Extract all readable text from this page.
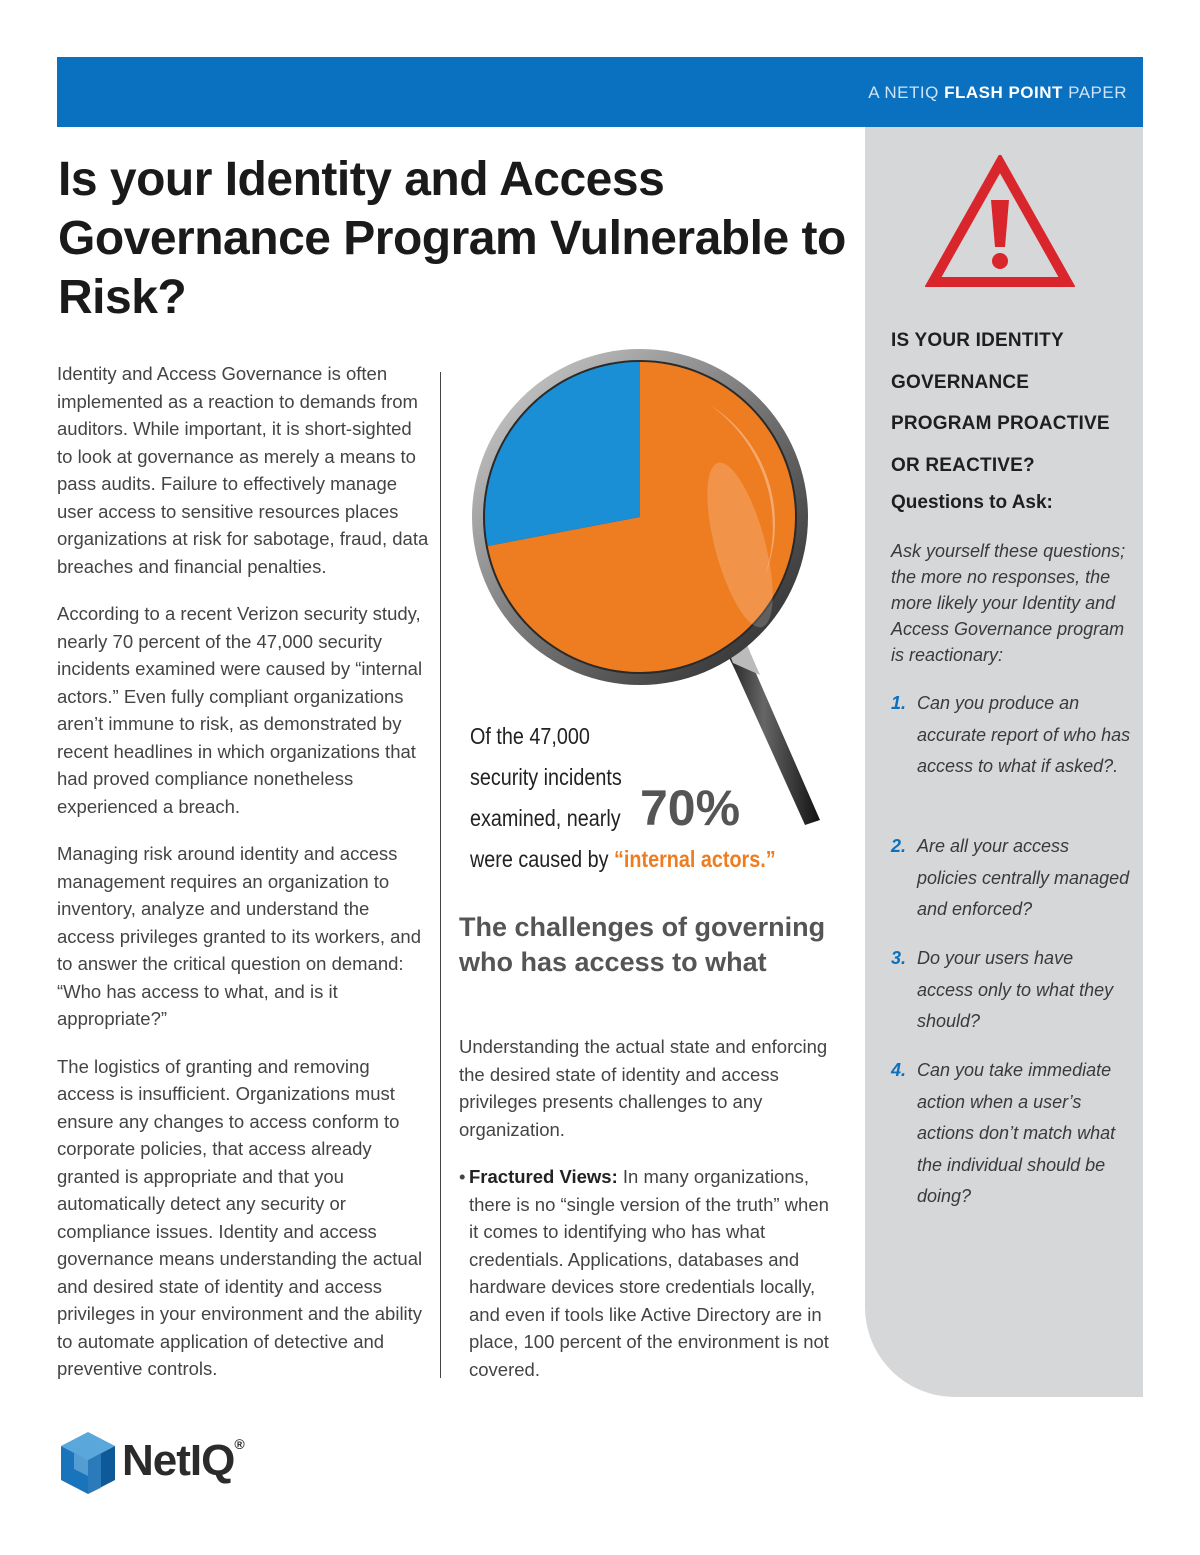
A NETIQ FLASH POINT PAPER
Is your Identity and Access Governance Program Vulnerable to Risk?

Identity and Access Governance is often implemented as a reaction to demands from auditors. While important, it is short-sighted to look at governance as merely a means to pass audits. Failure to effectively manage user access to sensitive resources places organizations at risk for sabotage, fraud, data breaches and financial penalties.

According to a recent Verizon security study, nearly 70 percent of the 47,000 security incidents examined were caused by “internal actors.” Even fully compliant organizations aren’t immune to risk, as demonstrated by recent headlines in which organizations that had proved compliance nonetheless experienced a breach.

Managing risk around identity and access management requires an organization to inventory, analyze and understand the access privileges granted to its workers, and to answer the critical question on demand: “Who has access to what, and is it appropriate?”

The logistics of granting and removing access is insufficient. Organizations must ensure any changes to access conform to corporate policies, that access already granted is appropriate and that you automatically detect any security or compliance issues. Identity and access governance means understanding the actual and desired state of identity and access privileges in your environment and the ability to automate application of detective and preventive controls.

Of the 47,000
security incidents
examined, nearly
were caused by “internal actors.”
70%
The challenges of governing who has access to what

Understanding the actual state and enforcing the desired state of identity and access privileges presents challenges to any organization.

• Fractured Views: In many organizations, there is no “single version of the truth” when it comes to identifying who has what credentials. Applications, databases and hardware devices store credentials locally, and even if tools like Active Directory are in place, 100 percent of the environment is not covered.
IS YOUR IDENTITY GOVERNANCE PROGRAM PROACTIVE OR REACTIVE?
Questions to Ask:
Ask yourself these questions; the more no responses, the more likely your Identity and Access Governance program is reactionary:
1. Can you produce an accurate report of who has access to what if asked?.
2. Are all your access policies centrally managed and enforced?
3. Do your users have access only to what they should?
4. Can you take immediate action when a user’s actions don’t match what the individual should be doing?
NetIQ®
